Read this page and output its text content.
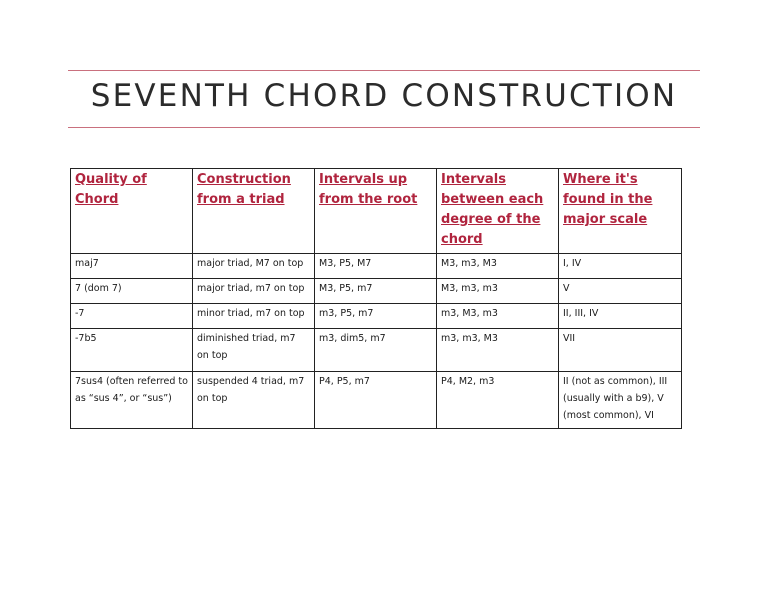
SEVENTH CHORD CONSTRUCTION
Quality of Chord	Construction from a triad	Intervals up from the root	Intervals between each degree of the chord	Where it's found in the major scale
maj7	major triad, M7 on top	M3, P5, M7	M3, m3, M3	I, IV
7 (dom 7)	major triad, m7 on top	M3, P5, m7	M3, m3, m3	V
-7	minor triad, m7 on top	m3, P5, m7	m3, M3, m3	II, III, IV
-7b5	diminished triad, m7 on top	m3, dim5, m7	m3, m3, M3	VII
7sus4 (often referred to as “sus 4”, or “sus”)	suspended 4 triad, m7 on top	P4, P5, m7	P4, M2, m3	II (not as common), III (usually with a b9), V (most common), VI
